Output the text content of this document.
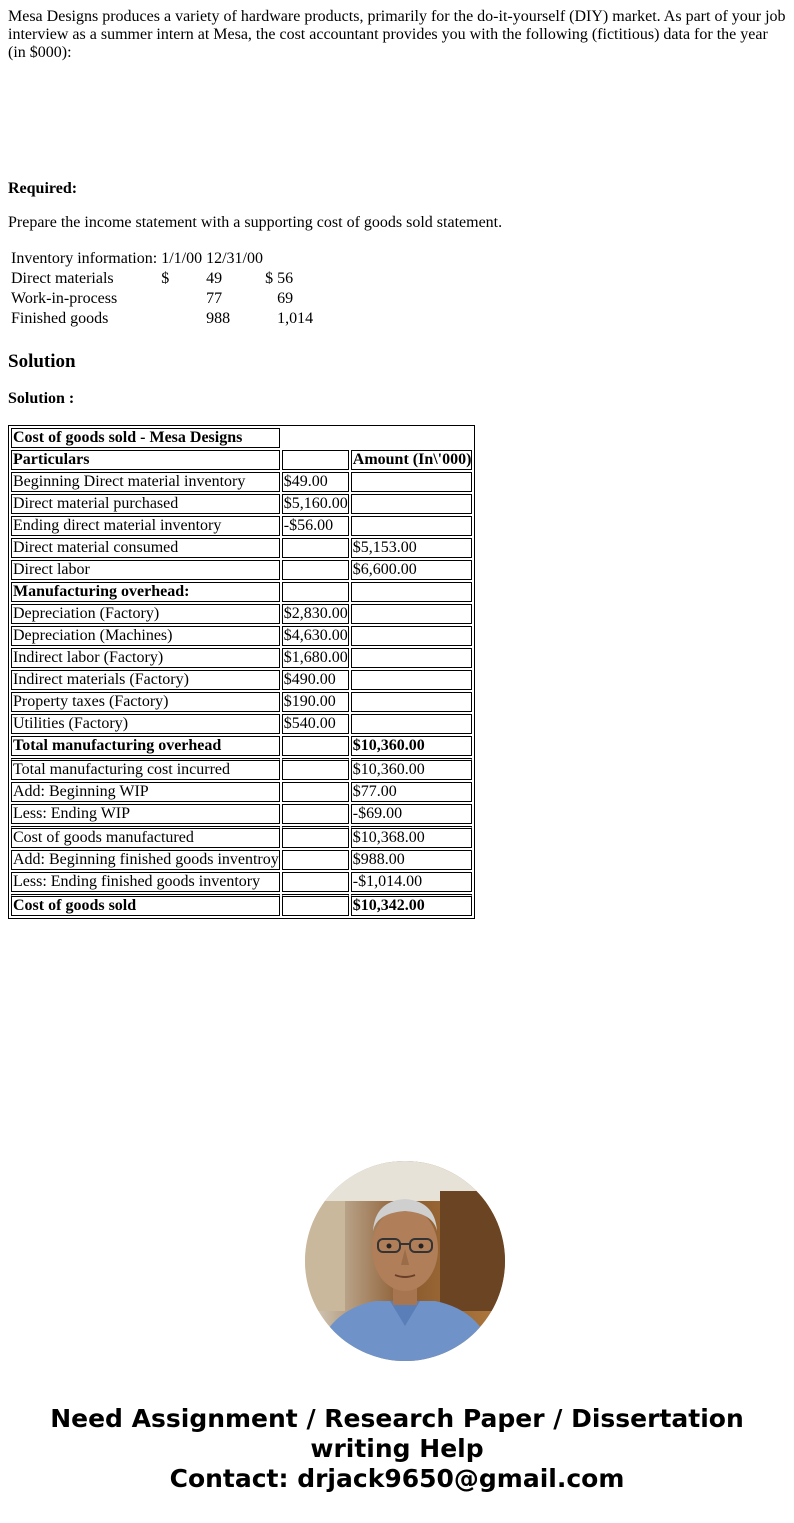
Mesa Designs produces a variety of hardware products, primarily for the do-it-yourself (DIY) market. As part of your job interview as a summer intern at Mesa, the cost accountant provides you with the following (fictitious) data for the year (in $000):

Required:

Prepare the income statement with a supporting cost of goods sold statement.

Inventory information:	1/1/00	12/31/00		
Direct materials	$	49	$	56
Work-in-process		77		69
Finished goods		988		1,014
Solution

Solution :

Cost of goods sold - Mesa Designs		
Particulars		Amount (In\'000)
Beginning Direct material inventory	$49.00	
Direct material purchased	$5,160.00	
Ending direct material inventory	-$56.00	
Direct material consumed		$5,153.00
Direct labor		$6,600.00
Manufacturing overhead:		
Depreciation (Factory)	$2,830.00	
Depreciation (Machines)	$4,630.00	
Indirect labor (Factory)	$1,680.00	
Indirect materials (Factory)	$490.00	
Property taxes (Factory)	$190.00	
Utilities (Factory)	$540.00	
Total manufacturing overhead		$10,360.00
Total manufacturing cost incurred		$10,360.00
Add: Beginning WIP		$77.00
Less: Ending WIP		-$69.00
Cost of goods manufactured		$10,368.00
Add: Beginning finished goods inventroy		$988.00
Less: Ending finished goods inventory		-$1,014.00
Cost of goods sold		$10,342.00
Need Assignment / Research Paper / Dissertation
writing Help
Contact: drjack9650@gmail.com
